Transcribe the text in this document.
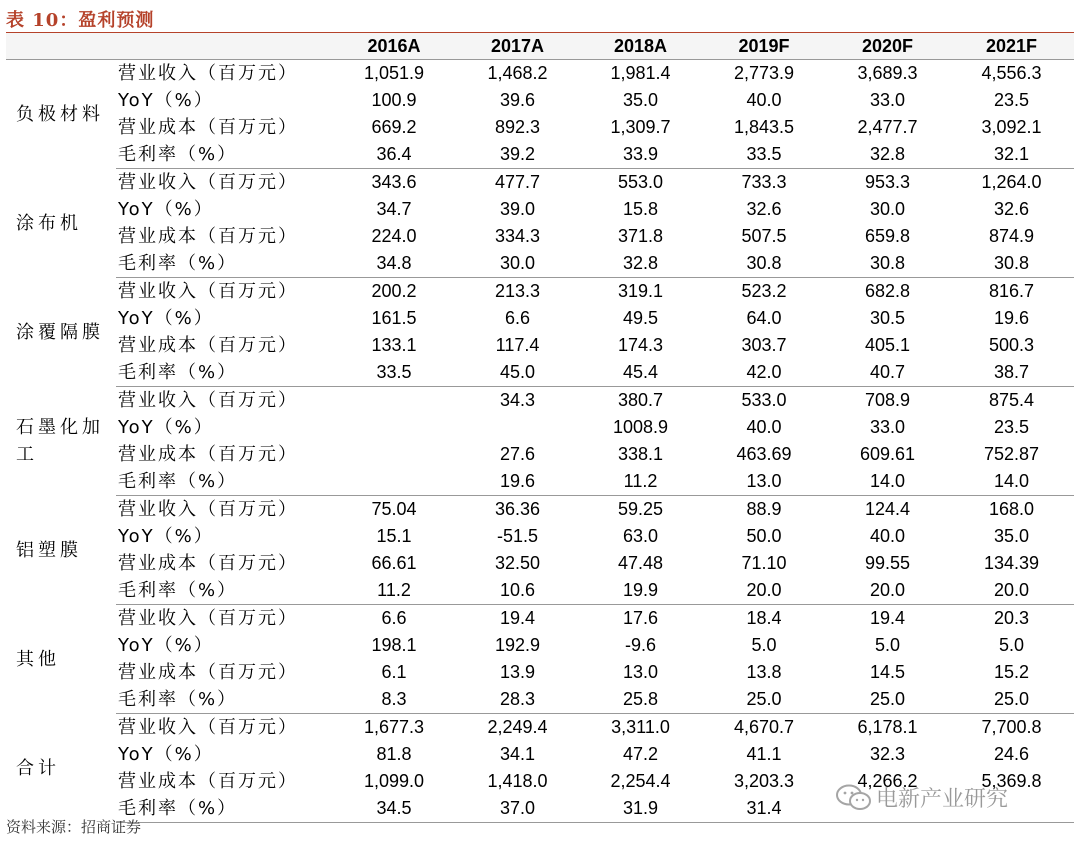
表 10：盈利预测
		2016A	2017A	2018A	2019F	2020F	2021F
负极材料	营业收入（百万元）	1,051.9	1,468.2	1,981.4	2,773.9	3,689.3	4,556.3
	YoY（%）	100.9	39.6	35.0	40.0	33.0	23.5
	营业成本（百万元）	669.2	892.3	1,309.7	1,843.5	2,477.7	3,092.1
	毛利率（%）	36.4	39.2	33.9	33.5	32.8	32.1
涂布机	营业收入（百万元）	343.6	477.7	553.0	733.3	953.3	1,264.0
	YoY（%）	34.7	39.0	15.8	32.6	30.0	32.6
	营业成本（百万元）	224.0	334.3	371.8	507.5	659.8	874.9
	毛利率（%）	34.8	30.0	32.8	30.8	30.8	30.8
涂覆隔膜	营业收入（百万元）	200.2	213.3	319.1	523.2	682.8	816.7
	YoY（%）	161.5	6.6	49.5	64.0	30.5	19.6
	营业成本（百万元）	133.1	117.4	174.3	303.7	405.1	500.3
	毛利率（%）	33.5	45.0	45.4	42.0	40.7	38.7
石墨化加工	营业收入（百万元）		34.3	380.7	533.0	708.9	875.4
	YoY（%）			1008.9	40.0	33.0	23.5
	营业成本（百万元）		27.6	338.1	463.69	609.61	752.87
	毛利率（%）		19.6	11.2	13.0	14.0	14.0
铝塑膜	营业收入（百万元）	75.04	36.36	59.25	88.9	124.4	168.0
	YoY（%）	15.1	-51.5	63.0	50.0	40.0	35.0
	营业成本（百万元）	66.61	32.50	47.48	71.10	99.55	134.39
	毛利率（%）	11.2	10.6	19.9	20.0	20.0	20.0
其他	营业收入（百万元）	6.6	19.4	17.6	18.4	19.4	20.3
	YoY（%）	198.1	192.9	-9.6	5.0	5.0	5.0
	营业成本（百万元）	6.1	13.9	13.0	13.8	14.5	15.2
	毛利率（%）	8.3	28.3	25.8	25.0	25.0	25.0
合计	营业收入（百万元）	1,677.3	2,249.4	3,311.0	4,670.7	6,178.1	7,700.8
	YoY（%）	81.8	34.1	47.2	41.1	32.3	24.6
	营业成本（百万元）	1,099.0	1,418.0	2,254.4	3,203.3	4,266.2	5,369.8
	毛利率（%）	34.5	37.0	31.9	31.4		
资料来源：招商证券
电新产业研究
